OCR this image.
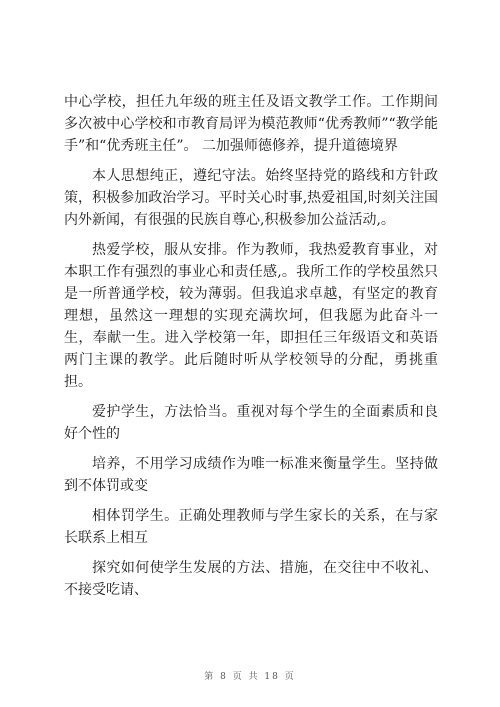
中心学校，担任九年级的班主任及语文教学工作。工作期间多次被中心学校和市教育局评为模范教师“优秀教师”“教学能手”和“优秀班主任”。 二加强师德修养，提升道德境界

本人思想纯正，遵纪守法。始终坚持党的路线和方针政策，积极参加政治学习。平时关心时事,热爱祖国,时刻关注国内外新闻，有很强的民族自尊心,积极参加公益活动,。

热爱学校，服从安排。作为教师，我热爱教育事业，对本职工作有强烈的事业心和责任感,。我所工作的学校虽然只是一所普通学校，较为薄弱。但我追求卓越，有坚定的教育理想，虽然这一理想的实现充满坎坷，但我愿为此奋斗一生，奉献一生。进入学校第一年，即担任三年级语文和英语两门主课的教学。此后随时听从学校领导的分配，勇挑重担。

爱护学生，方法恰当。重视对每个学生的全面素质和良好个性的

培养，不用学习成绩作为唯一标准来衡量学生。坚持做到不体罚或变

相体罚学生。正确处理教师与学生家长的关系，在与家长联系上相互

探究如何使学生发展的方法、措施，在交往中不收礼、不接受吃请、

第 8 页 共 18 页
